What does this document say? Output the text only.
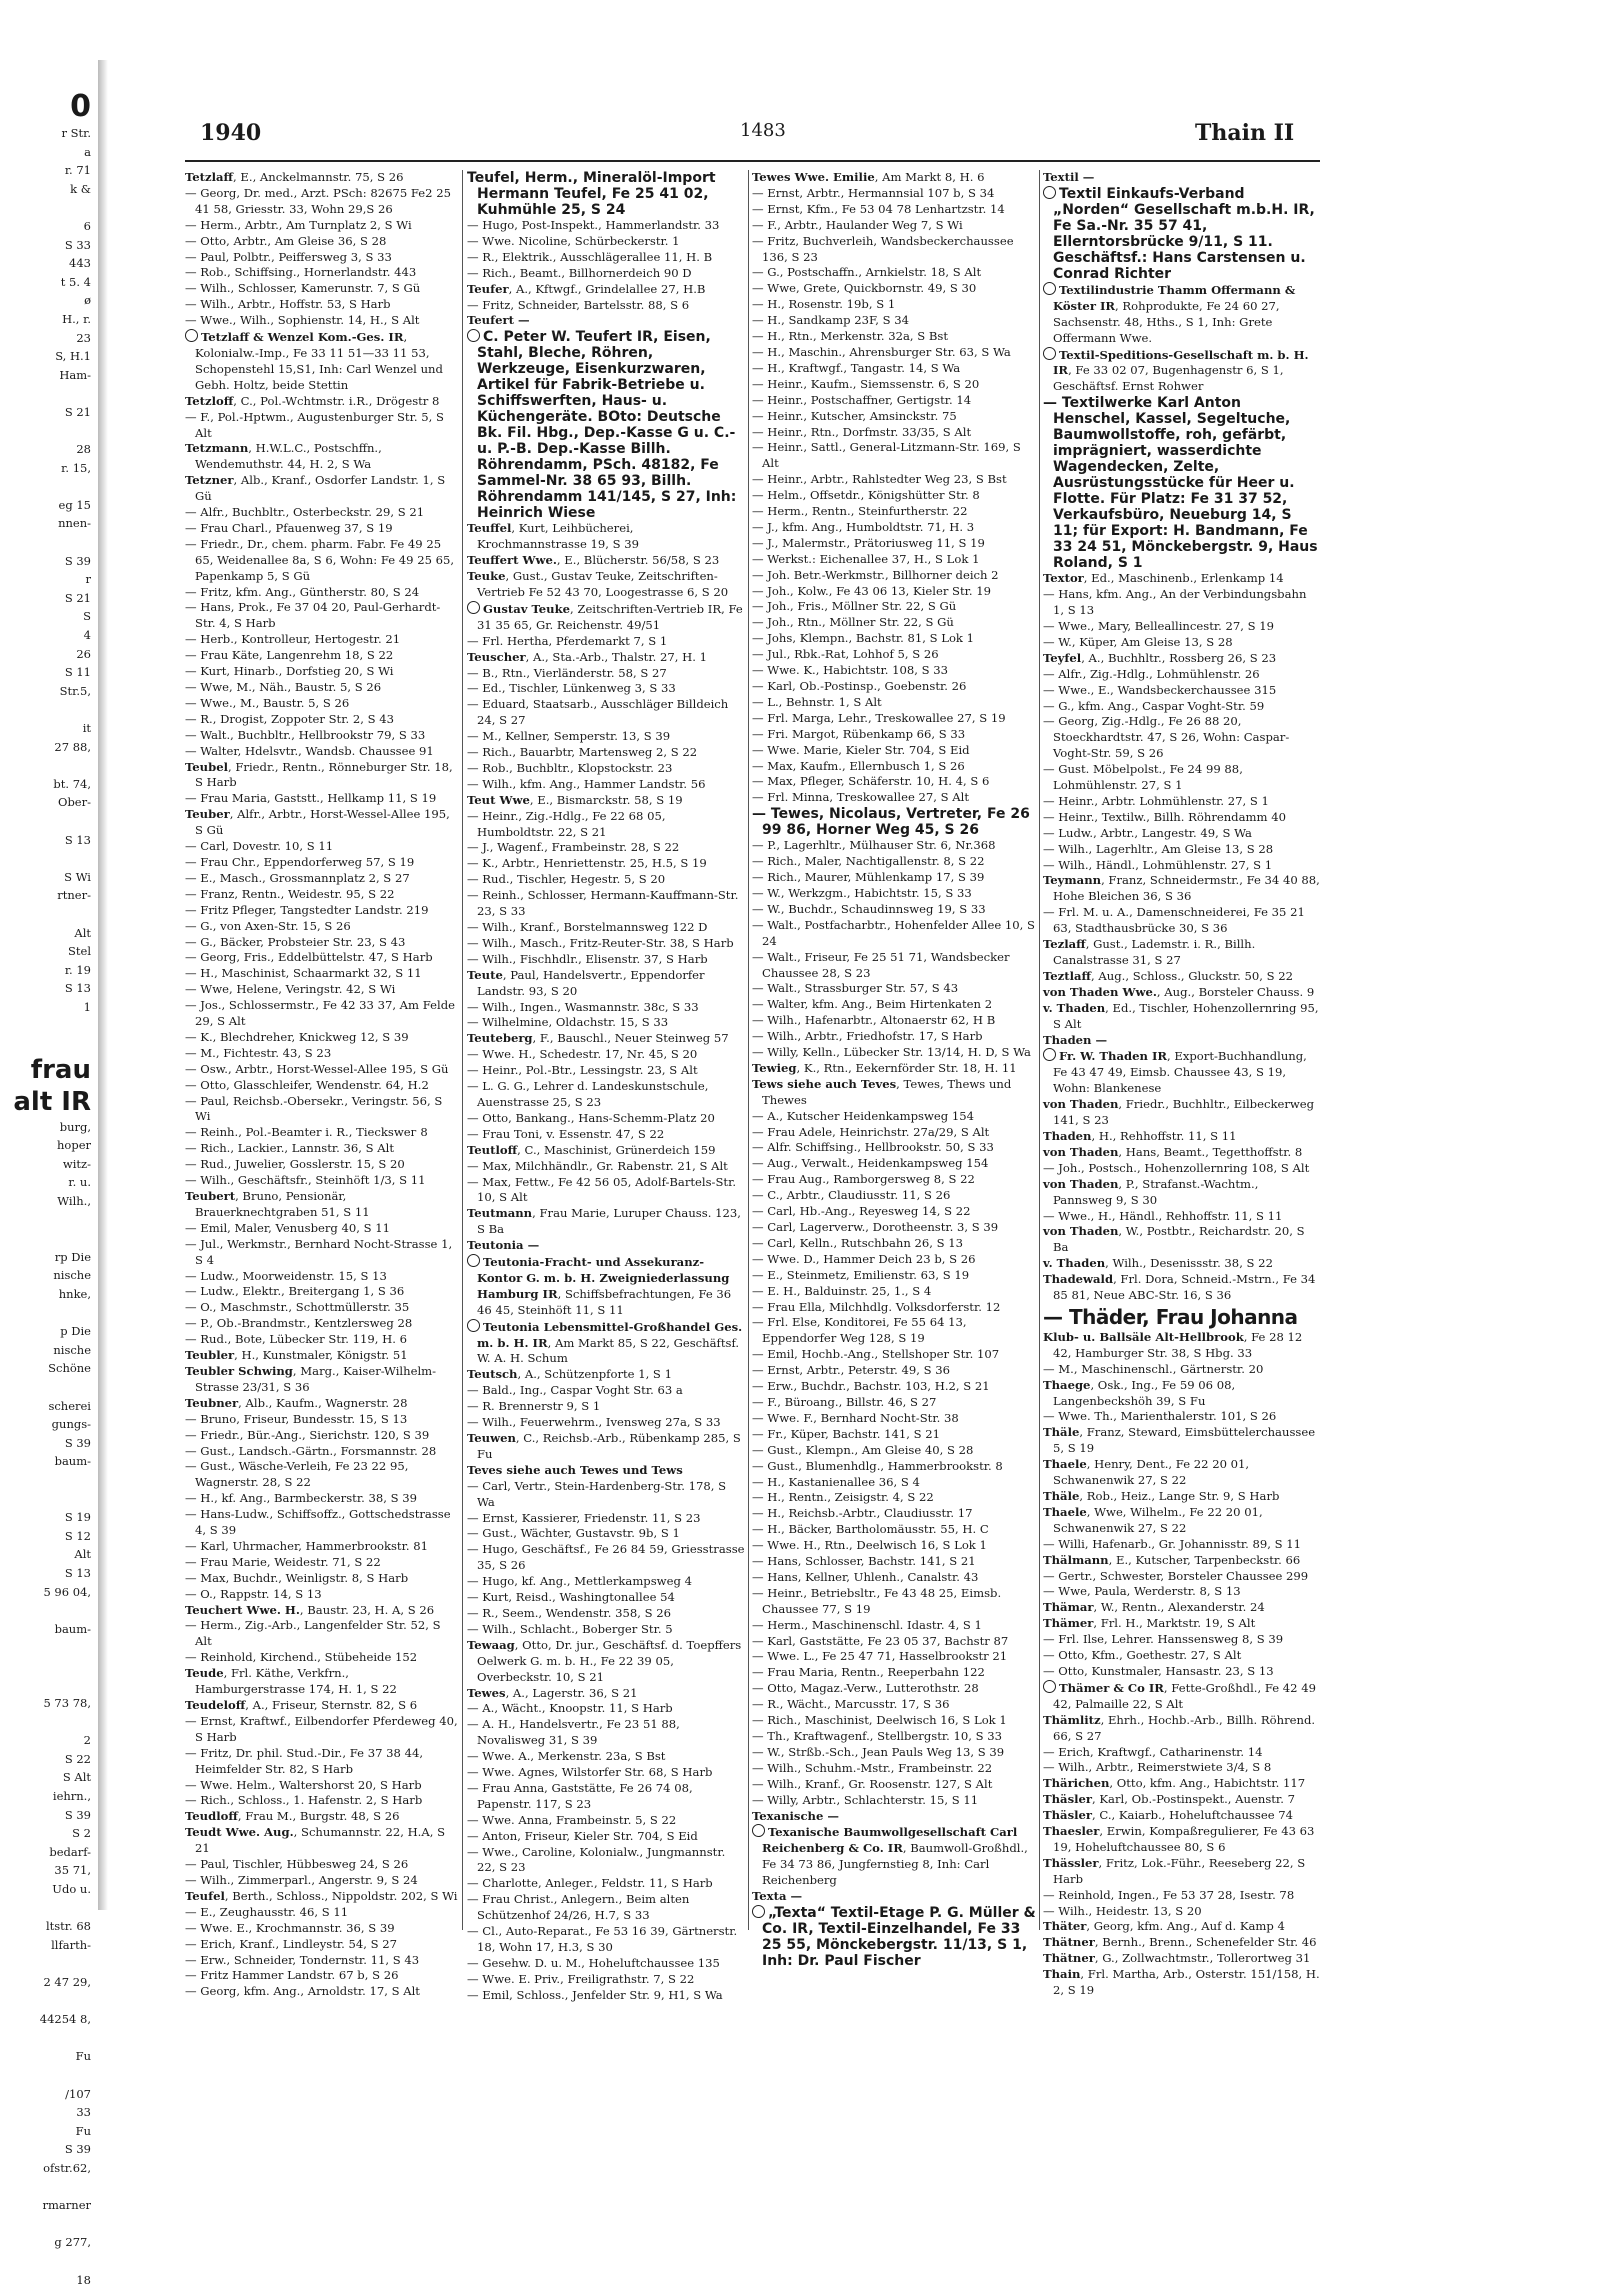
0
r Str.
a
r. 71
k &

6
S 33
443
t 5. 4
ø
H., r.
23
S, H.1
Ham-

S 21

28
r. 15,

eg 15
nnen-

S 39
r
S 21
S
4
26
S 11
Str.5,

it
27 88,

bt. 74,
Ober-

S 13

S Wi
rtner-

Alt
Stel
r. 19
S 13
1

frau
alt IR
burg,
hoper
witz-
r. u.
Wilh.,

rp Die
nische
hnke,

p Die
nische
Schöne

scherei
gungs-
S 39
baum-

S 19
S 12
Alt
S 13
5 96 04,

baum-

5 73 78,

2
S 22
S Alt
iehrn.,
S 39
S 2
bedarf-
35 71,
Udo u.

ltstr. 68
llfarth-

2 47 29,

44254 8,

Fu

/107
33
Fu
S 39
ofstr.62,

rmarner

g 277,

18
1940	1483	Thain II

Tetzlaff, E., Anckelmannstr. 75, S 26

— Georg, Dr. med., Arzt. PSch: 82675 Fe2 25 41 58, Griesstr. 33, Wohn 29,S 26

— Herm., Arbtr., Am Turnplatz 2, S Wi

— Otto, Arbtr., Am Gleise 36, S 28

— Paul, Polbtr., Peiffersweg 3, S 33

— Rob., Schiffsing., Hornerlandstr. 443

— Wilh., Schlosser, Kamerunstr. 7, S Gü

— Wilh., Arbtr., Hoffstr. 53, S Harb

— Wwe., Wilh., Sophienstr. 14, H., S Alt

Tetzlaff & Wenzel Kom.-Ges. IR, Kolonialw.-Imp., Fe 33 11 51—33 11 53, Schopenstehl 15,S1, Inh: Carl Wenzel und Gebh. Holtz, beide Stettin

Tetzloff, C., Pol.-Wchtmstr. i.R., Drögestr 8

— F., Pol.-Hptwm., Augustenburger Str. 5, S Alt

Tetzmann, H.W.L.C., Postschffn., Wendemuthstr. 44, H. 2, S Wa

Tetzner, Alb., Kranf., Osdorfer Landstr. 1, S Gü

— Alfr., Buchbltr., Osterbeckstr. 29, S 21

— Frau Charl., Pfauenweg 37, S 19

— Friedr., Dr., chem. pharm. Fabr. Fe 49 25 65, Weidenallee 8a, S 6, Wohn: Fe 49 25 65, Papenkamp 5, S Gü

— Fritz, kfm. Ang., Güntherstr. 80, S 24

— Hans, Prok., Fe 37 04 20, Paul-Gerhardt-Str. 4, S Harb

— Herb., Kontrolleur, Hertogestr. 21

— Frau Käte, Langenrehm 18, S 22

— Kurt, Hinarb., Dorfstieg 20, S Wi

— Wwe, M., Näh., Baustr. 5, S 26

— Wwe., M., Baustr. 5, S 26

— R., Drogist, Zoppoter Str. 2, S 43

— Walt., Buchbltr., Hellbrookstr 79, S 33

— Walter, Hdelsvtr., Wandsb. Chaussee 91

Teubel, Friedr., Rentn., Rönneburger Str. 18, S Harb

— Frau Maria, Gaststt., Hellkamp 11, S 19

Teuber, Alfr., Arbtr., Horst-Wessel-Allee 195, S Gü

— Carl, Dovestr. 10, S 11

— Frau Chr., Eppendorferweg 57, S 19

— E., Masch., Grossmannplatz 2, S 27

— Franz, Rentn., Weidestr. 95, S 22

— Fritz Pfleger, Tangstedter Landstr. 219

— G., von Axen-Str. 15, S 26

— G., Bäcker, Probsteier Str. 23, S 43

— Georg, Fris., Eddelbüttelstr. 47, S Harb

— H., Maschinist, Schaarmarkt 32, S 11

— Wwe, Helene, Veringstr. 42, S Wi

— Jos., Schlossermstr., Fe 42 33 37, Am Felde 29, S Alt

— K., Blechdreher, Knickweg 12, S 39

— M., Fichtestr. 43, S 23

— Osw., Arbtr., Horst-Wessel-Allee 195, S Gü

— Otto, Glasschleifer, Wendenstr. 64, H.2

— Paul, Reichsb.-Obersekr., Veringstr. 56, S Wi

— Reinh., Pol.-Beamter i. R., Tieckswег 8

— Rich., Lackier., Lannstr. 36, S Alt

— Rud., Juwelier, Gosslerstr. 15, S 20

— Wilh., Geschäftsfr., Steinhöft 1/3, S 11

Teubert, Bruno, Pensionär, Brauerknechtgraben 51, S 11

— Emil, Maler, Venusberg 40, S 11

— Jul., Werkmstr., Bernhard Nocht-Strasse 1, S 4

— Ludw., Moorweidenstr. 15, S 13

— Ludw., Elektr., Breitergang 1, S 36

— O., Maschmstr., Schottmüllerstr. 35

— P., Ob.-Brandmstr., Kentzlersweg 28

— Rud., Bote, Lübecker Str. 119, H. 6

Teubler, H., Kunstmaler, Königstr. 51

Teubler Schwing, Marg., Kaiser-Wilhelm-Strasse 23/31, S 36

Teubner, Alb., Kaufm., Wagnerstr. 28

— Bruno, Friseur, Bundesstr. 15, S 13

— Friedr., Bür.-Ang., Sierichstr. 120, S 39

— Gust., Landsch.-Gärtn., Forsmannstr. 28

— Gust., Wäsche-Verleih, Fe 23 22 95, Wagnerstr. 28, S 22

— H., kf. Ang., Barmbeckerstr. 38, S 39

— Hans-Ludw., Schiffsoffz., Gottschedstrasse 4, S 39

— Karl, Uhrmacher, Hammerbrookstr. 81

— Frau Marie, Weidestr. 71, S 22

— Max, Buchdr., Weinligstr. 8, S Harb

— O., Rappstr. 14, S 13

Teuchert Wwe. H., Baustr. 23, H. A, S 26

— Herm., Zig.-Arb., Langenfelder Str. 52, S Alt

— Reinhold, Kirchend., Stübeheide 152

Teude, Frl. Käthe, Verkfrn., Hamburgerstrasse 174, H. 1, S 22

Teudeloff, A., Friseur, Sternstr. 82, S 6

— Ernst, Kraftwf., Eilbendorfer Pferdeweg 40, S Harb

— Fritz, Dr. phil. Stud.-Dir., Fe 37 38 44, Heimfelder Str. 82, S Harb

— Wwe. Helm., Waltershorst 20, S Harb

— Rich., Schloss., 1. Hafenstr. 2, S Harb

Teudloff, Frau M., Burgstr. 48, S 26

Teudt Wwe. Aug., Schumannstr. 22, H.A, S 21

— Paul, Tischler, Hübbesweg 24, S 26

— Wilh., Zimmerparl., Angerstr. 9, S 24

Teufel, Berth., Schloss., Nippoldstr. 202, S Wi

— E., Zeughausstr. 46, S 11

— Wwe. E., Krochmannstr. 36, S 39

— Erich, Kranf., Lindleystr. 54, S 27

— Erw., Schneider, Tondernstr. 11, S 43

— Fritz Hammer Landstr. 67 b, S 26

— Georg, kfm. Ang., Arnoldstr. 17, S Alt

Teufel, Herm., Mineralöl-Import Hermann Teufel, Fe 25 41 02, Kuhmühle 25, S 24

— Hugo, Post-Inspekt., Hammerlandstr. 33

— Wwe. Nicoline, Schürbeckerstr. 1

— R., Elektrik., Ausschlägerallee 11, H. B

— Rich., Beamt., Billhornerdeich 90 D

Teufer, A., Kftwgf., Grindelallee 27, H.B

— Fritz, Schneider, Bartelsstr. 88, S 6

Teufert —

C. Peter W. Teufert IR, Eisen, Stahl, Bleche, Röhren, Werkzeuge, Eisenkurzwaren, Artikel für Fabrik-Betriebe u. Schiffswerften, Haus- u. Küchengeräte. BOto: Deutsche Bk. Fil. Hbg., Dep.-Kasse G u. C.-u. P.-B. Dep.-Kasse Billh. Röhrendamm, PSch. 48182, Fe Sammel-Nr. 38 65 93, Billh. Röhrendamm 141/145, S 27, Inh: Heinrich Wiese

Teuffel, Kurt, Leihbücherei, Krochmannstrasse 19, S 39

Teuffert Wwe., E., Blücherstr. 56/58, S 23

Teuke, Gust., Gustav Teuke, Zeitschriften-Vertrieb Fe 52 43 70, Loogestrasse 6, S 20

Gustav Teuke, Zeitschriften-Vertrieb IR, Fe 31 35 65, Gr. Reichenstr. 49/51

— Frl. Hertha, Pferdemarkt 7, S 1

Teuscher, A., Sta.-Arb., Thalstr. 27, H. 1

— B., Rtn., Vierländerstr. 58, S 27

— Ed., Tischler, Lünkenweg 3, S 33

— Eduard, Staatsarb., Ausschläger Billdeich 24, S 27

— M., Kellner, Semperstr. 13, S 39

— Rich., Bauarbtr, Martensweg 2, S 22

— Rob., Buchbltr., Klopstockstr. 23

— Wilh., kfm. Ang., Hammer Landstr. 56

Teut Wwe, E., Bismarckstr. 58, S 19

— Heinr., Zig.-Hdlg., Fe 22 68 05, Humboldtstr. 22, S 21

— J., Wagenf., Frambeinstr. 28, S 22

— K., Arbtr., Henriettenstr. 25, H.5, S 19

— Rud., Tischler, Hegestr. 5, S 20

— Reinh., Schlosser, Hermann-Kauffmann-Str. 23, S 33

— Wilh., Kranf., Borstelmannsweg 122 D

— Wilh., Masch., Fritz-Reuter-Str. 38, S Harb

— Wilh., Fischhdlr., Elisenstr. 37, S Harb

Teute, Paul, Handelsvertr., Eppendorfer Landstr. 93, S 20

— Wilh., Ingen., Wasmannstr. 38c, S 33

— Wilhelmine, Oldachstr. 15, S 33

Teuteberg, F., Bauschl., Neuer Steinweg 57

— Wwe. H., Schedestr. 17, Nr. 45, S 20

— Heinr., Pol.-Btr., Lessingstr. 23, S Alt

— L. G. G., Lehrer d. Landeskunstschule, Auenstrasse 25, S 23

— Otto, Bankang., Hans-Schemm-Platz 20

— Frau Toni, v. Essenstr. 47, S 22

Teutloff, C., Maschinist, Grünerdeich 159

— Max, Milchhändlr., Gr. Rabenstr. 21, S Alt

— Max, Fettw., Fe 42 56 05, Adolf-Bartels-Str. 10, S Alt

Teutmann, Frau Marie, Luruper Chauss. 123, S Ba

Teutonia —

Teutonia-Fracht- und Assekuranz-Kontor G. m. b. H. Zweigniederlassung Hamburg IR, Schiffsbefrachtungen, Fe 36 46 45, Steinhöft 11, S 11

Teutonia Lebensmittel-Großhandel Ges. m. b. H. IR, Am Markt 85, S 22, Geschäftsf. W. A. H. Schum

Teutsch, A., Schützenpforte 1, S 1

— Bald., Ing., Caspar Voght Str. 63 a

— R. Brennerstr 9, S 1

— Wilh., Feuerwehrm., Ivensweg 27a, S 33

Teuwen, C., Reichsb.-Arb., Rübenkamp 285, S Fu

Teves siehe auch Tewes und Tews

— Carl, Vertr., Stein-Hardenberg-Str. 178, S Wa

— Ernst, Kassierer, Friedenstr. 11, S 23

— Gust., Wächter, Gustavstr. 9b, S 1

— Hugo, Geschäftsf., Fe 26 84 59, Griesstrasse 35, S 26

— Hugo, kf. Ang., Mettlerkampsweg 4

— Kurt, Reisd., Washingtonallee 54

— R., Seem., Wendenstr. 358, S 26

— Wilh., Schlacht., Boberger Str. 5

Tewaag, Otto, Dr. jur., Geschäftsf. d. Toepffers Oelwerk G. m. b. H., Fe 22 39 05, Overbeckstr. 10, S 21

Tewes, A., Lagerstr. 36, S 21

— A., Wächt., Knoopstr. 11, S Harb

— A. H., Handelsvertr., Fe 23 51 88, Novalisweg 31, S 39

— Wwe. A., Merkenstr. 23a, S Bst

— Wwe. Agnes, Wilstorfer Str. 68, S Harb

— Frau Anna, Gaststätte, Fe 26 74 08, Papenstr. 117, S 23

— Wwe. Anna, Frambeinstr. 5, S 22

— Anton, Friseur, Kieler Str. 704, S Eid

— Wwe., Caroline, Kolonialw., Jungmannstr. 22, S 23

— Charlotte, Anleger., Feldstr. 11, S Harb

— Frau Christ., Anlegern., Beim alten Schützenhof 24/26, H.7, S 33

— Cl., Auto-Reparat., Fe 53 16 39, Gärtnerstr. 18, Wohn 17, H.3, S 30

— Gesehw. D. u. M., Hoheluftchaussee 135

— Wwe. E. Priv., Freiligrathstr. 7, S 22

— Emil, Schloss., Jenfelder Str. 9, H1, S Wa

Tewes Wwe. Emilie, Am Markt 8, H. 6

— Ernst, Arbtr., Hermannsial 107 b, S 34

— Ernst, Kfm., Fe 53 04 78 Lenhartzstr. 14

— F., Arbtr., Haulander Weg 7, S Wi

— Fritz, Buchverleih, Wandsbeckerchaussee 136, S 23

— G., Postschaffn., Arnkielstr. 18, S Alt

— Wwe, Grete, Quickbornstr. 49, S 30

— H., Rosenstr. 19b, S 1

— H., Sandkamp 23F, S 34

— H., Rtn., Merkenstr. 32a, S Bst

— H., Maschin., Ahrensburger Str. 63, S Wa

— H., Kraftwgf., Tangastr. 14, S Wa

— Heinr., Kaufm., Siemssenstr. 6, S 20

— Heinr., Postschaffner, Gertigstr. 14

— Heinr., Kutscher, Amsinckstr. 75

— Heinr., Rtn., Dorfmstr. 33/35, S Alt

— Heinr., Sattl., General-Litzmann-Str. 169, S Alt

— Heinr., Arbtr., Rahlstedter Weg 23, S Bst

— Helm., Offsetdr., Königshütter Str. 8

— Herm., Rentn., Steinfurtherstr. 22

— J., kfm. Ang., Humboldtstr. 71, H. 3

— J., Malermstr., Prätoriusweg 11, S 19

— Werkst.: Eichenallee 37, H., S Lok 1

— Joh. Betr.-Werkmstr., Billhorner deich 2

— Joh., Kolw., Fe 43 06 13, Kieler Str. 19

— Joh., Fris., Möllner Str. 22, S Gü

— Joh., Rtn., Möllner Str. 22, S Gü

— Johs, Klempn., Bachstr. 81, S Lok 1

— Jul., Rbk.-Rat, Lohhof 5, S 26

— Wwe. K., Habichtstr. 108, S 33

— Karl, Ob.-Postinsp., Goebenstr. 26

— L., Behnstr. 1, S Alt

— Frl. Marga, Lehr., Treskowallee 27, S 19

— Fri. Margot, Rübenkamp 66, S 33

— Wwe. Marie, Kieler Str. 704, S Eid

— Max, Kaufm., Ellernbusch 1, S 26

— Max, Pfleger, Schäferstr. 10, H. 4, S 6

— Frl. Minna, Treskowallee 27, S Alt

— Tewes, Nicolaus, Vertreter, Fe 26 99 86, Horner Weg 45, S 26

— P., Lagerhltr., Mülhauser Str. 6, Nr.368

— Rich., Maler, Nachtigallenstr. 8, S 22

— Rich., Maurer, Mühlenkamp 17, S 39

— W., Werkzgm., Habichtstr. 15, S 33

— W., Buchdr., Schaudinnsweg 19, S 33

— Walt., Postfacharbtr., Hohenfelder Allee 10, S 24

— Walt., Friseur, Fe 25 51 71, Wandsbecker Chaussee 28, S 23

— Walt., Strassburger Str. 57, S 43

— Walter, kfm. Ang., Beim Hirtenkaten 2

— Wilh., Hafenarbtr., Altonaerstr 62, H B

— Wilh., Arbtr., Friedhofstr. 17, S Harb

— Willy, Kelln., Lübecker Str. 13/14, H. D, S Wa

Tewieg, K., Rtn., Eekernförder Str. 18, H. 11

Tews siehe auch Teves, Tewes, Thews und Thewes

— A., Kutscher Heidenkampsweg 154

— Frau Adele, Heinrichstr. 27a/29, S Alt

— Alfr. Schiffsing., Hellbrookstr. 50, S 33

— Aug., Verwalt., Heidenkampsweg 154

— Frau Aug., Ramborgersweg 8, S 22

— C., Arbtr., Claudiusstr. 11, S 26

— Carl, Hb.-Ang., Reyesweg 14, S 22

— Carl, Lagerverw., Dorotheenstr. 3, S 39

— Carl, Kelln., Rutschbahn 26, S 13

— Wwe. D., Hammer Deich 23 b, S 26

— E., Steinmetz, Emilienstr. 63, S 19

— E. H., Balduinstr. 25, 1., S 4

— Frau Ella, Milchhdlg. Volksdorferstr. 12

— Frl. Else, Konditorei, Fe 55 64 13, Eppendorfer Weg 128, S 19

— Emil, Hochb.-Ang., Stellshoper Str. 107

— Ernst, Arbtr., Peterstr. 49, S 36

— Erw., Buchdr., Bachstr. 103, H.2, S 21

— F., Büroang., Billstr. 46, S 27

— Wwe. F., Bernhard Nocht-Str. 38

— Fr., Küper, Bachstr. 141, S 21

— Gust., Klempn., Am Gleise 40, S 28

— Gust., Blumenhdlg., Hammerbrookstr. 8

— H., Kastanienallee 36, S 4

— H., Rentn., Zeisigstr. 4, S 22

— H., Reichsb.-Arbtr., Claudiusstr. 17

— H., Bäcker, Bartholomäusstr. 55, H. C

— Wwe. H., Rtn., Deelwisch 16, S Lok 1

— Hans, Schlosser, Bachstr. 141, S 21

— Hans, Kellner, Uhlenh., Canalstr. 43

— Heinr., Betriebsltr., Fe 43 48 25, Eimsb. Chaussee 77, S 19

— Herm., Maschinenschl. Idastr. 4, S 1

— Karl, Gaststätte, Fe 23 05 37, Bachstr 87

— Wwe. L., Fe 25 47 71, Hasselbrookstr 21

— Frau Maria, Rentn., Reeperbahn 122

— Otto, Magaz.-Verw., Luttеrothstr. 28

— R., Wächt., Marcusstr. 17, S 36

— Rich., Maschinist, Deelwisch 16, S Lok 1

— Th., Kraftwagenf., Stellbergstr. 10, S 33

— W., Strßb.-Sch., Jean Pauls Weg 13, S 39

— Wilh., Schuhm.-Mstr., Frambeinstr. 22

— Wilh., Kranf., Gr. Roosenstr. 127, S Alt

— Willy, Arbtr., Schlachterstr. 15, S 11

Texanische —

Texanische Baumwollgesellschaft Carl Reichenberg & Co. IR, Baumwoll-Großhdl., Fe 34 73 86, Jungfernstieg 8, Inh: Carl Reichenberg

Texta —

„Texta“ Textil-Etage P. G. Müller & Co. IR, Textil-Einzelhandel, Fe 33 25 55, Mönckebergstr. 11/13, S 1, Inh: Dr. Paul Fischer

Textil —

Textil Einkaufs-Verband „Norden“ Gesellschaft m.b.H. IR, Fe Sa.-Nr. 35 57 41, Ellerntorsbrücke 9/11, S 11. Geschäftsf.: Hans Carstensen u. Conrad Richter

Textilindustrie Thamm Offermann & Köster IR, Rohprodukte, Fe 24 60 27, Sachsenstr. 48, Hths., S 1, Inh: Grete Offermann Wwe.

Textil-Speditions-Gesellschaft m. b. H. IR, Fe 33 02 07, Bugenhagenstr 6, S 1, Geschäftsf. Ernst Rohwer

— Textilwerke Karl Anton Henschel, Kassel, Segeltuche, Baumwollstoffe, roh, gefärbt, imprägniert, wasserdichte Wagendecken, Zelte, Ausrüstungsstücke für Heer u. Flotte. Für Platz: Fe 31 37 52, Verkaufsbüro, Neueburg 14, S 11; für Export: H. Bandmann, Fe 33 24 51, Mönckebergstr. 9, Haus Roland, S 1

Textor, Ed., Maschinenb., Erlenkamp 14

— Hans, kfm. Ang., An der Verbindungsbahn 1, S 13

— Wwe., Mary, Belleallincestr. 27, S 19

— W., Küper, Am Gleise 13, S 28

Teyfel, A., Buchhltr., Rossberg 26, S 23

— Alfr., Zig.-Hdlg., Lohmühlenstr. 26

— Wwe., E., Wandsbeckerchaussee 315

— G., kfm. Ang., Caspar Voght-Str. 59

— Georg, Zig.-Hdlg., Fe 26 88 20, Stoeckhardtstr. 47, S 26, Wohn: Caspar-Voght-Str. 59, S 26

— Gust. Möbelpolst., Fe 24 99 88, Lohmühlenstr. 27, S 1

— Heinr., Arbtr. Lohmühlenstr. 27, S 1

— Heinr., Textilw., Billh. Röhrendamm 40

— Ludw., Arbtr., Langestr. 49, S Wa

— Wilh., Lagerhltr., Am Gleise 13, S 28

— Wilh., Händl., Lohmühlenstr. 27, S 1

Teymann, Franz, Schneidermstr., Fe 34 40 88, Hohe Bleichen 36, S 36

— Frl. M. u. A., Damenschneiderei, Fe 35 21 63, Stadthausbrücke 30, S 36

Tezlaff, Gust., Lademstr. i. R., Billh. Canalstrasse 31, S 27

Teztlaff, Aug., Schloss., Gluckstr. 50, S 22

von Thaden Wwe., Aug., Borsteler Chauss. 9

v. Thaden, Ed., Tischler, Hohenzollernring 95, S Alt

Thaden —

Fr. W. Thaden IR, Export-Buchhandlung, Fe 43 47 49, Eimsb. Chaussee 43, S 19, Wohn: Blankenese

von Thaden, Friedr., Buchhltr., Eilbeckerweg 141, S 23

Thaden, H., Rehhoffstr. 11, S 11

von Thaden, Hans, Beamt., Tegetthoffstr. 8

— Joh., Postsch., Hohenzollernring 108, S Alt

von Thaden, P., Strafanst.-Wachtm., Pannsweg 9, S 30

— Wwe., H., Händl., Rehhoffstr. 11, S 11

von Thaden, W., Postbtr., Reichardstr. 20, S Ba

v. Thaden, Wilh., Desenissstr. 38, S 22

Thadewald, Frl. Dora, Schneid.-Mstrn., Fe 34 85 81, Neue ABC-Str. 16, S 36

— Thäder, Frau Johanna

Klub- u. Ballsäle Alt-Hellbrook, Fe 28 12 42, Hamburger Str. 38, S Hbg. 33

— M., Maschinenschl., Gärtnerstr. 20

Thaege, Osk., Ing., Fe 59 06 08, Langenbeckshöh 39, S Fu

— Wwe. Th., Marienthalerstr. 101, S 26

Thäle, Franz, Steward, Eimsbüttelerchaussee 5, S 19

Thaele, Henry, Dent., Fe 22 20 01, Schwanenwik 27, S 22

Thäle, Rob., Heiz., Lange Str. 9, S Harb

Thaele, Wwe, Wilhelm., Fe 22 20 01, Schwanenwik 27, S 22

— Willi, Hafenarb., Gr. Johannisstr. 89, S 11

Thälmann, E., Kutscher, Tarpenbeckstr. 66

— Gertr., Schwester, Borsteler Chaussee 299

— Wwe, Paula, Werderstr. 8, S 13

Thämar, W., Rentn., Alexanderstr. 24

Thämer, Frl. H., Marktstr. 19, S Alt

— Frl. Ilse, Lehrer. Hanssensweg 8, S 39

— Otto, Kfm., Goethestr. 27, S Alt

— Otto, Kunstmaler, Hansastr. 23, S 13

Thämer & Co IR, Fette-Großhdl., Fe 42 49 42, Palmaille 22, S Alt

Thämlitz, Ehrh., Hochb.-Arb., Billh. Röhrend. 66, S 27

— Erich, Kraftwgf., Catharinenstr. 14

— Wilh., Arbtr., Reimerstwiete 3/4, S 8

Thärichen, Otto, kfm. Ang., Habichtstr. 117

Thäsler, Karl, Ob.-Postinspekt., Auenstr. 7

Thäsler, C., Kaiarb., Hoheluftchaussee 74

Thaesler, Erwin, Kompaßregulierer, Fe 43 63 19, Hoheluftchaussee 80, S 6

Thässler, Fritz, Lok.-Führ., Reeseberg 22, S Harb

— Reinhold, Ingen., Fe 53 37 28, Isestr. 78

— Wilh., Heidestr. 13, S 20

Thäter, Georg, kfm. Ang., Auf d. Kamp 4

Thätner, Bernh., Brenn., Schenefelder Str. 46

Thätner, G., Zollwachtmstr., Tollerortweg 31

Thain, Frl. Martha, Arb., Osterstr. 151/158, H. 2, S 19
